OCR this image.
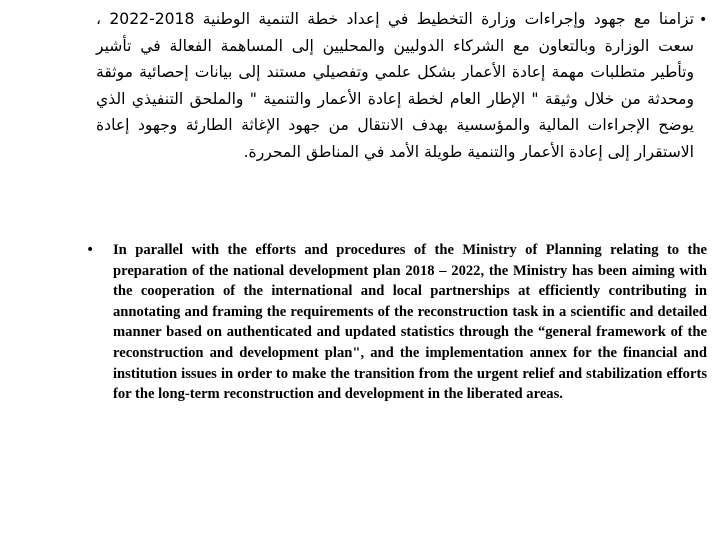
•
تزامنا مع جهود وإجراءات وزارة التخطيط في إعداد خطة التنمية الوطنية 2018-2022 ، سعت الوزارة وبالتعاون مع الشركاء الدوليين والمحليين إلى المساهمة الفعالة في تأشير وتأطير متطلبات مهمة إعادة الأعمار بشكل علمي وتفصيلي مستند إلى بيانات إحصائية موثقة ومحدثة من خلال وثيقة " الإطار العام لخطة إعادة الأعمار والتنمية " والملحق التنفيذي الذي يوضح الإجراءات المالية والمؤسسية بهدف الانتقال من جهود الإغاثة الطارئة وجهود إعادة الاستقرار إلى إعادة الأعمار والتنمية طويلة الأمد في المناطق المحررة.
• In parallel with the efforts and procedures of the Ministry of Planning relating to the preparation of the national development plan 2018 – 2022, the Ministry has been aiming with the cooperation of the international and local partnerships at efficiently contributing in annotating and framing the requirements of the reconstruction task in a scientific and detailed manner based on authenticated and updated statistics through the “general framework of the reconstruction and development plan", and the implementation annex for the financial and institution issues in order to make the transition from the urgent relief and stabilization efforts for the long-term reconstruction and development in the liberated areas.
